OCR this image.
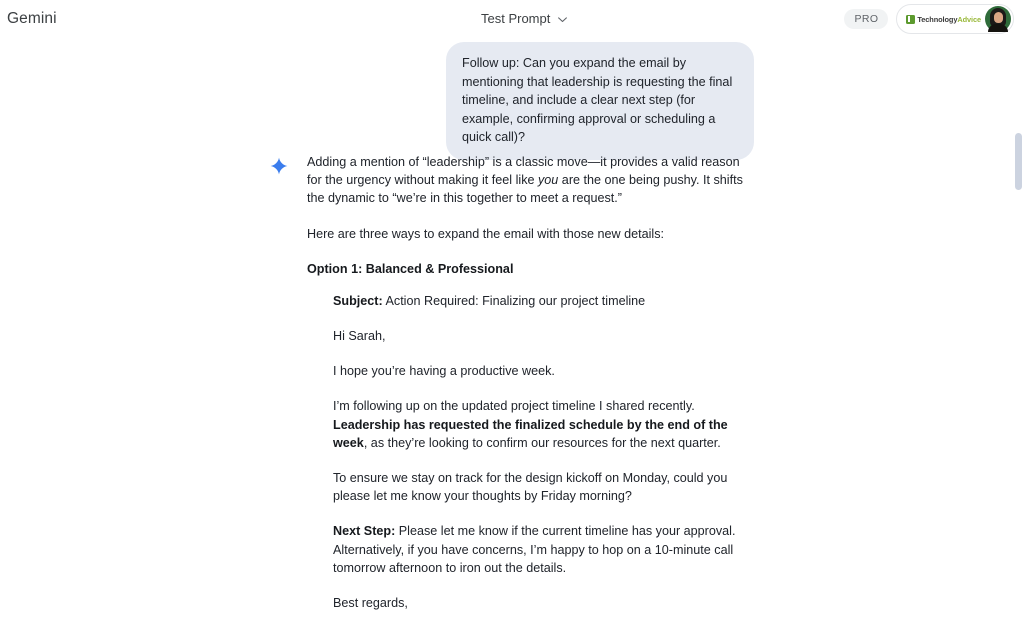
Gemini	Test Prompt	PRO	TechnologyAdvice
Follow up: Can you expand the email by mentioning that leadership is requesting the final timeline, and include a clear next step (for example, confirming approval or scheduling a quick call)?

Adding a mention of “leadership” is a classic move—it provides a valid reason for the urgency without making it feel like you are the one being pushy. It shifts the dynamic to “we’re in this together to meet a request.”

Here are three ways to expand the email with those new details:

Option 1: Balanced & Professional

Subject: Action Required: Finalizing our project timeline

Hi Sarah,

I hope you’re having a productive week.

I’m following up on the updated project timeline I shared recently. Leadership has requested the finalized schedule by the end of the week, as they’re looking to confirm our resources for the next quarter.

To ensure we stay on track for the design kickoff on Monday, could you please let me know your thoughts by Friday morning?

Next Step: Please let me know if the current timeline has your approval. Alternatively, if you have concerns, I’m happy to hop on a 10-minute call tomorrow afternoon to iron out the details.

Best regards,
